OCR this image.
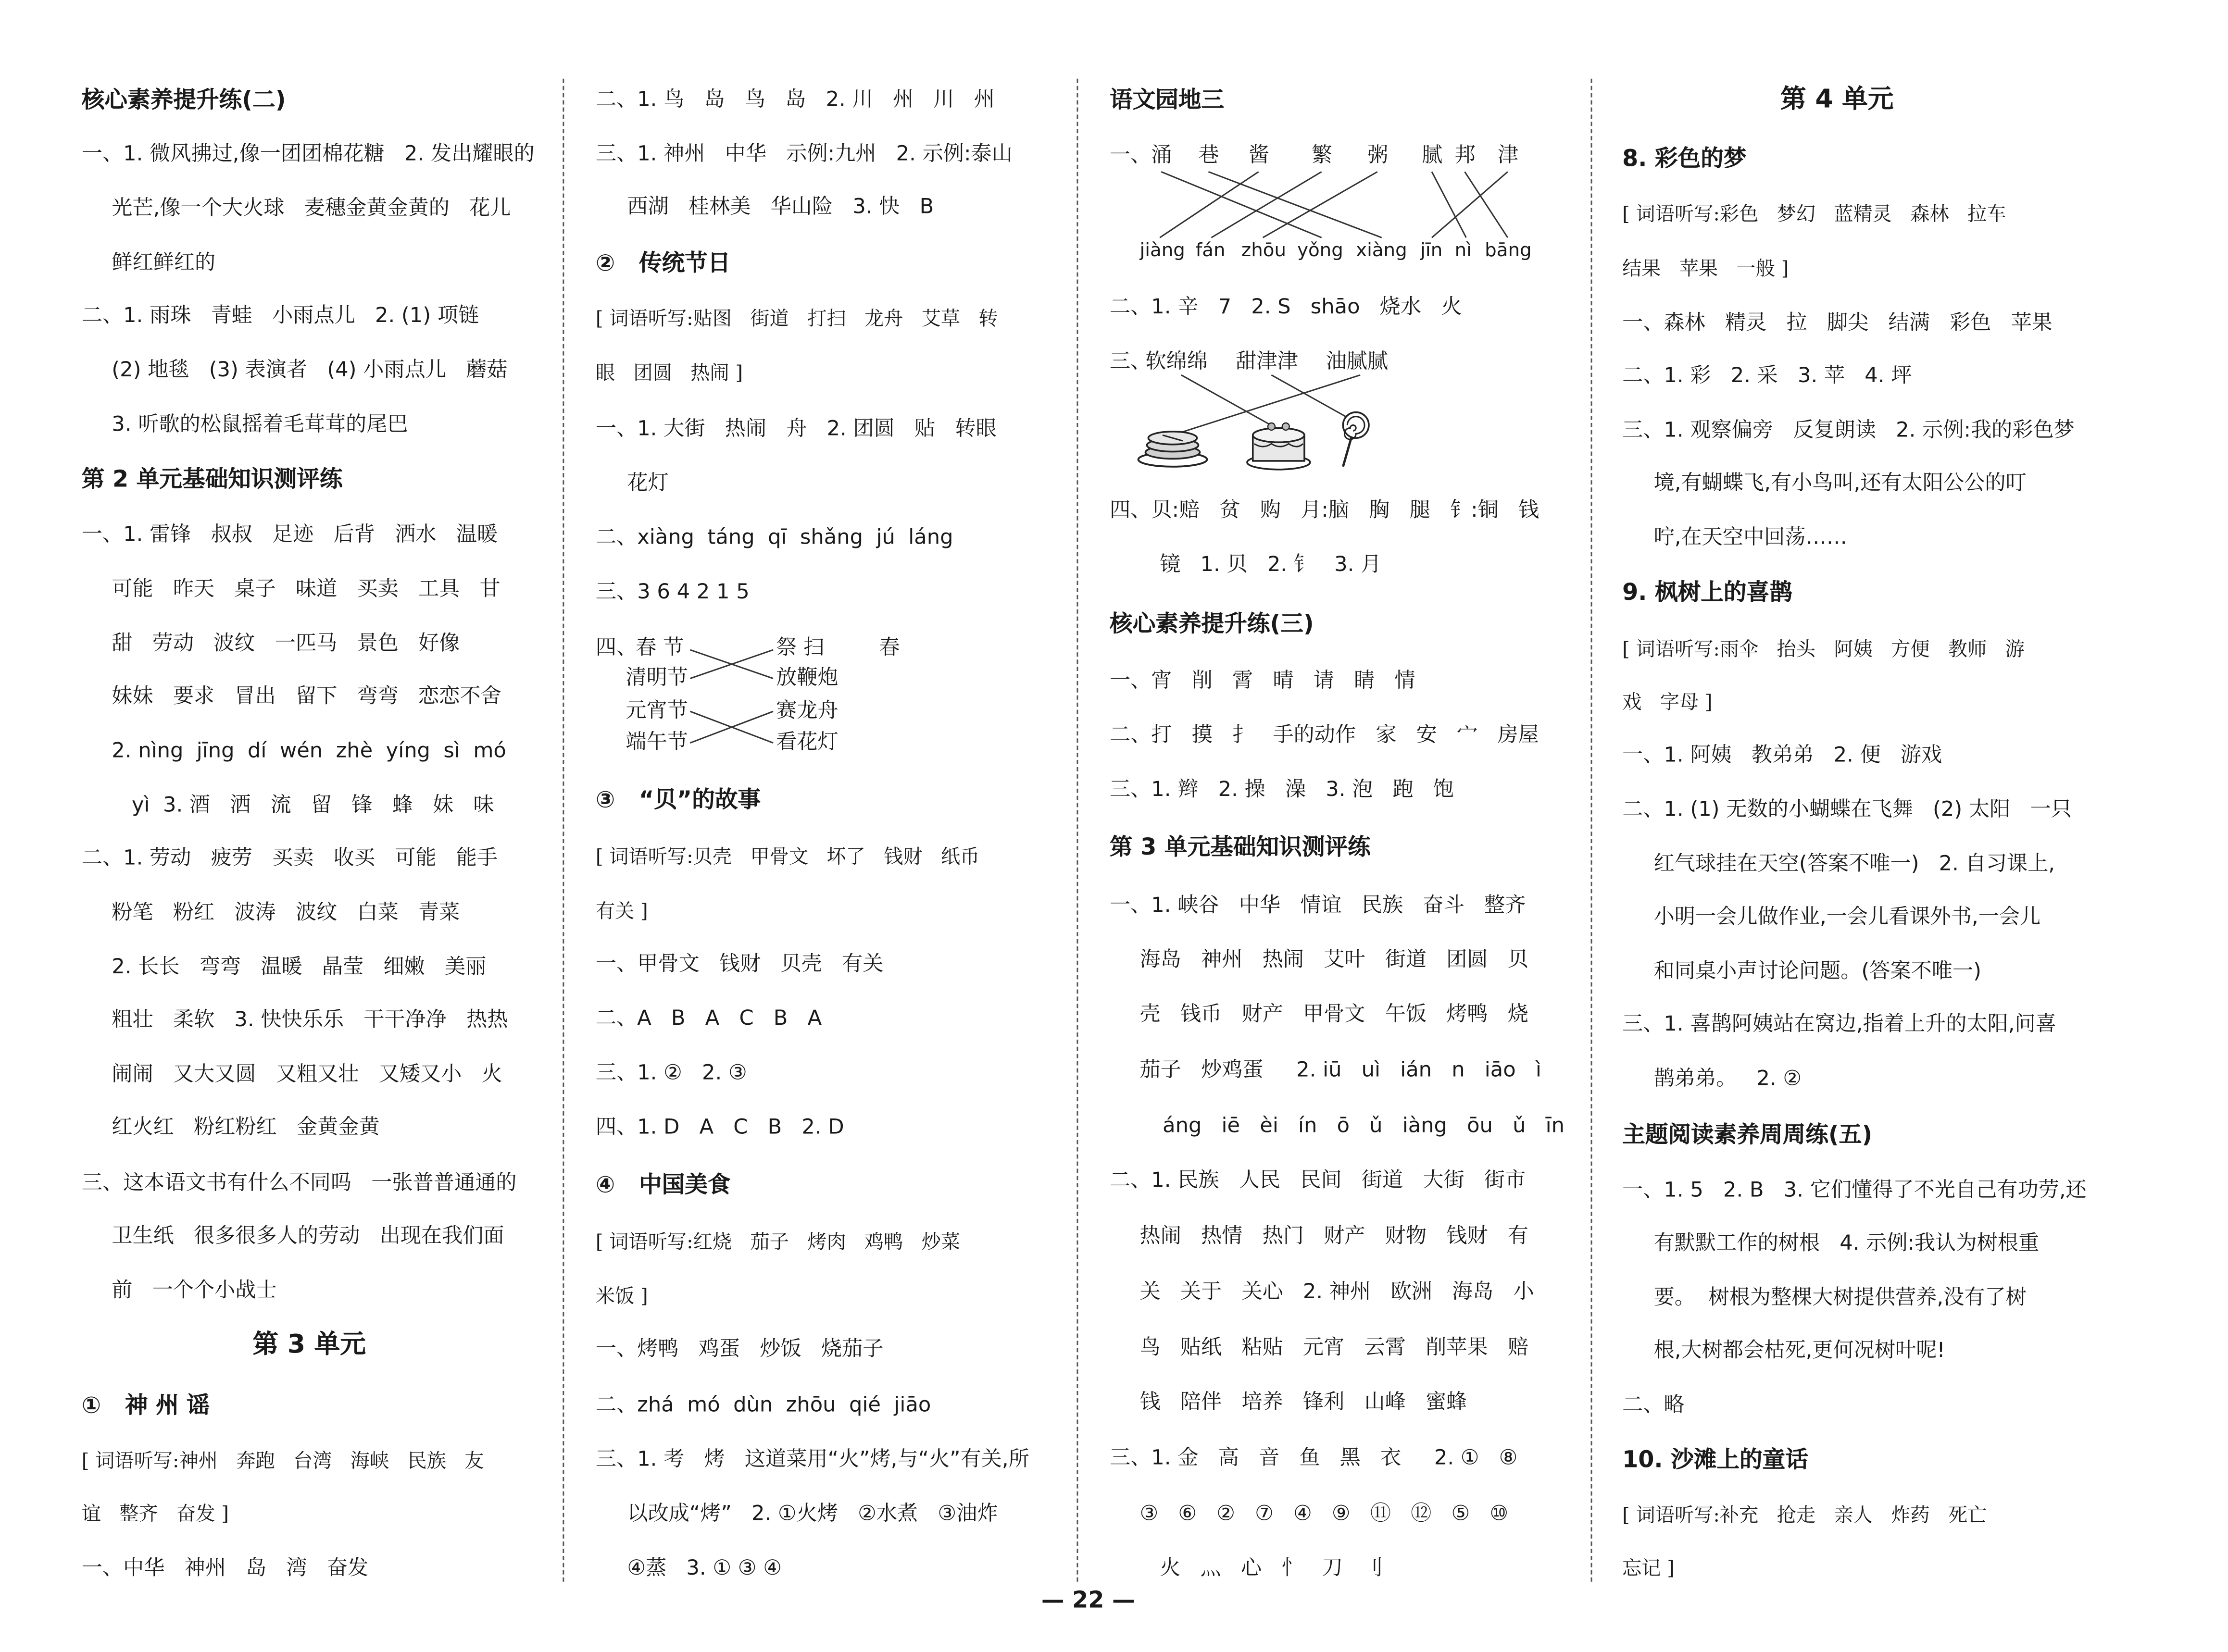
核心素养提升练(二)
一、1. 微风拂过,像一团团棉花糖   2. 发出耀眼的
光芒,像一个大火球   麦穗金黄金黄的   花儿
鲜红鲜红的
二、1. 雨珠   青蛙   小雨点儿   2. (1) 项链
(2) 地毯   (3) 表演者   (4) 小雨点儿   蘑菇
3. 听歌的松鼠摇着毛茸茸的尾巴
第 2 单元基础知识测评练
一、1. 雷锋   叔叔   足迹   后背   洒水   温暖
可能   昨天   桌子   味道   买卖   工具   甘
甜   劳动   波纹   一匹马   景色   好像
妹妹   要求   冒出   留下   弯弯   恋恋不舍
2. nìng  jīng  dí  wén  zhè  yíng  sì  mó
yì  3. 酒   洒   流   留   锋   蜂   妹   味
二、1. 劳动   疲劳   买卖   收买   可能   能手
粉笔   粉红   波涛   波纹   白菜   青菜
2. 长长   弯弯   温暖   晶莹   细嫩   美丽
粗壮   柔软   3. 快快乐乐   干干净净   热热
闹闹   又大又圆   又粗又壮   又矮又小   火
红火红   粉红粉红   金黄金黄
三、这本语文书有什么不同吗   一张普普通通的
卫生纸   很多很多人的劳动   出现在我们面
前   一个个小战士
第 3 单元
①   神 州 谣
[ 词语听写:神州   奔跑   台湾   海峡   民族   友
谊   整齐   奋发 ]
一、中华   神州   岛   湾   奋发
二、1. 鸟   岛   鸟   岛   2. 川   州   川   州
三、1. 神州   中华   示例:九州   2. 示例:泰山
西湖   桂林美   华山险   3. 快   B
②   传统节日
[ 词语听写:贴图   街道   打扫   龙舟   艾草   转
眼   团圆   热闹 ]
一、1. 大街   热闹   舟   2. 团圆   贴   转眼
花灯
二、xiàng  táng  qī  shǎng  jú  láng
三、3 6 4 2 1 5
四、
春 节
清明节
元宵节
端午节
祭 扫
放鞭炮
赛龙舟
看花灯
春
③   “贝”的故事
[ 词语听写:贝壳   甲骨文   坏了   钱财   纸币
有关 ]
一、甲骨文   钱财   贝壳   有关
二、A   B   A   C   B   A
三、1. ②   2. ③
四、1. D   A   C   B   2. D
④   中国美食
[ 词语听写:红烧   茄子   烤肉   鸡鸭   炒菜
米饭 ]
一、烤鸭   鸡蛋   炒饭   烧茄子
二、zhá  mó  dùn  zhōu  qié  jiāo
三、1. 考   烤   这道菜用“火”烤,与“火”有关,所
以改成“烤”   2. ①火烤   ②水煮   ③油炸
④蒸   3. ① ③ ④
语文园地三
一、 涌	巷	酱	繁	粥	腻 邦	津
jiàng fán	zhōu yǒng xiàng jīn nì bāng
二、1. 辛   7   2. S   shāo   烧水   火
三、
软绵绵	甜津津	油腻腻
四、贝:赔   贫   购   月:脑   胸   腿   钅:铜   钱
镜   1. 贝   2. 钅   3. 月
核心素养提升练(三)
一、宵   削   霄   晴   请   睛   情
二、打   摸   扌   手的动作   家   安   宀   房屋
三、1. 辫   2. 操   澡   3. 泡   跑   饱
第 3 单元基础知识测评练
一、1. 峡谷   中华   情谊   民族   奋斗   整齐
海岛   神州   热闹   艾叶   街道   团圆   贝
壳   钱币   财产   甲骨文   午饭   烤鸭   烧
茄子   炒鸡蛋     2. iū   uì   ián   n   iāo   ì
áng   iē   èi   ín   ō   ǔ   iàng   ōu   ǔ   īn
二、1. 民族   人民   民间   街道   大街   街市
热闹   热情   热门   财产   财物   钱财   有
关   关于   关心   2. 神州   欧洲   海岛   小
鸟   贴纸   粘贴   元宵   云霄   削苹果   赔
钱   陪伴   培养   锋利   山峰   蜜蜂
三、1. 金   高   音   鱼   黑   衣     2. ①   ⑧
③   ⑥   ②   ⑦   ④   ⑨   ⑪   ⑫   ⑤   ⑩
火   灬   心   忄   刀   刂
第 4 单元
8. 彩色的梦
[ 词语听写:彩色   梦幻   蓝精灵   森林   拉车
结果   苹果   一般 ]
一、森林   精灵   拉   脚尖   结满   彩色   苹果
二、1. 彩   2. 采   3. 苹   4. 坪
三、1. 观察偏旁   反复朗读   2. 示例:我的彩色梦
境,有蝴蝶飞,有小鸟叫,还有太阳公公的叮
咛,在天空中回荡……
9. 枫树上的喜鹊
[ 词语听写:雨伞   抬头   阿姨   方便   教师   游
戏   字母 ]
一、1. 阿姨   教弟弟   2. 便   游戏
二、1. (1) 无数的小蝴蝶在飞舞   (2) 太阳   一只
红气球挂在天空(答案不唯一)   2. 自习课上,
小明一会儿做作业,一会儿看课外书,一会儿
和同桌小声讨论问题。(答案不唯一)
三、1. 喜鹊阿姨站在窝边,指着上升的太阳,问喜
鹊弟弟。   2. ②
主题阅读素养周周练(五)
一、1. 5   2. B   3. 它们懂得了不光自己有功劳,还
有默默工作的树根   4. 示例:我认为树根重
要。  树根为整棵大树提供营养,没有了树
根,大树都会枯死,更何况树叶呢!
二、略
10. 沙滩上的童话
[ 词语听写:补充   抢走   亲人   炸药   死亡
忘记 ]
— 22 —
